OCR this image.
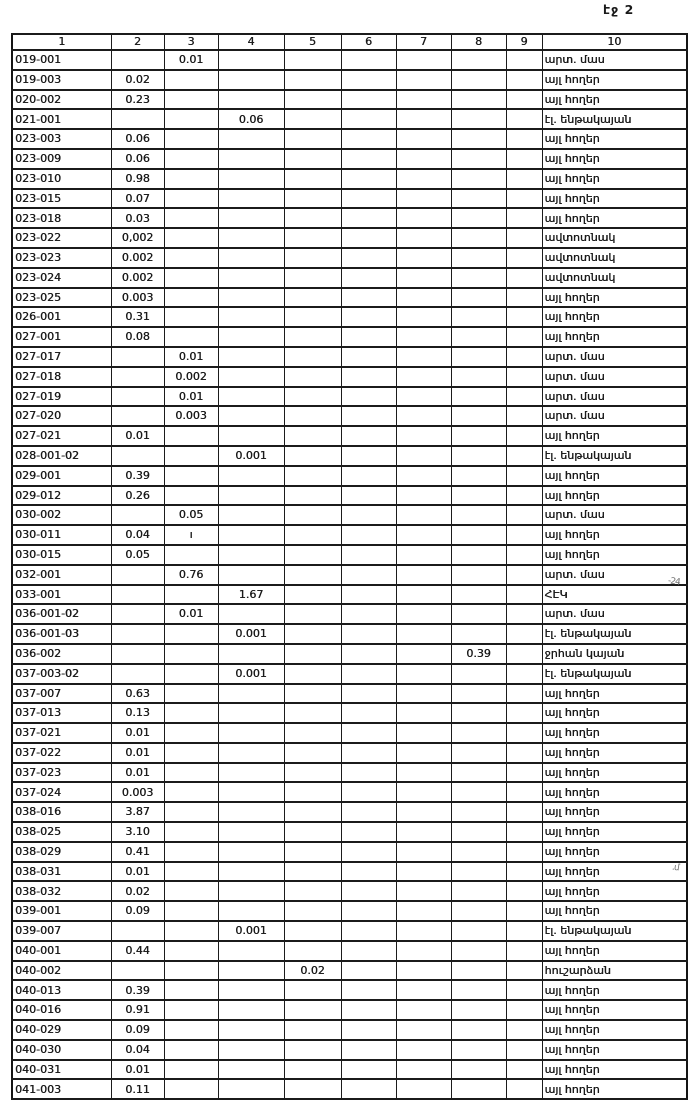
էջ 2
1	2	3	4	5	6	7	8	9	10
019-001		0.01							արտ. մաս
019-003	0.02								այլ հողեր
020-002	0.23								այլ հողեր
021-001			0.06						էլ. ենթակայան
023-003	0.06								այլ հողեր
023-009	0.06								այլ հողեր
023-010	0.98								այլ հողեր
023-015	0.07								այլ հողեր
023-018	0.03								այլ հողեր
023-022	0,002								ավտոտնակ
023-023	0.002								ավտոտնակ
023-024	0.002								ավտոտնակ
023-025	0.003								այլ հողեր
026-001	0.31								այլ հողեր
027-001	0.08								այլ հողեր
027-017		0.01							արտ. մաս
027-018		0.002							արտ. մաս
027-019		0.01							արտ. մաս
027-020		0.003							արտ. մաս
027-021	0.01								այլ հողեր
028-001-02			0.001						էլ. ենթակայան
029-001	0.39								այլ հողեր
029-012	0.26								այլ հողեր
030-002		0.05							արտ. մաս
030-011	0.04	ı							այլ հողեր
030-015	0.05								այլ հողեր
032-001		0.76							արտ. մաս
033-001			1.67						ՀԷԿ
036-001-02		0.01							արտ. մաս
036-001-03			0.001						էլ. ենթակայան
036-002							0.39		ջրհան կայան
037-003-02			0.001						էլ. ենթակայան
037-007	0.63								այլ հողեր
037-013	0.13								այլ հողեր
037-021	0.01								այլ հողեր
037-022	0.01								այլ հողեր
037-023	0.01								այլ հողեր
037-024	0.003								այլ հողեր
038-016	3.87								այլ հողեր
038-025	3.10								այլ հողեր
038-029	0.41								այլ հողեր
038-031	0.01								այլ հողեր
038-032	0.02								այլ հողեր
039-001	0.09								այլ հողեր
039-007			0.001						էլ. ենթակայան
040-001	0.44								այլ հողեր
040-002				0.02					հուշարձան
040-013	0.39								այլ հողեր
040-016	0.91								այլ հողեր
040-029	0.09								այլ հողեր
040-030	0.04								այլ հողեր
040-031	0.01								այլ հողեր
041-003	0.11								այլ հողեր
-24
.մ
